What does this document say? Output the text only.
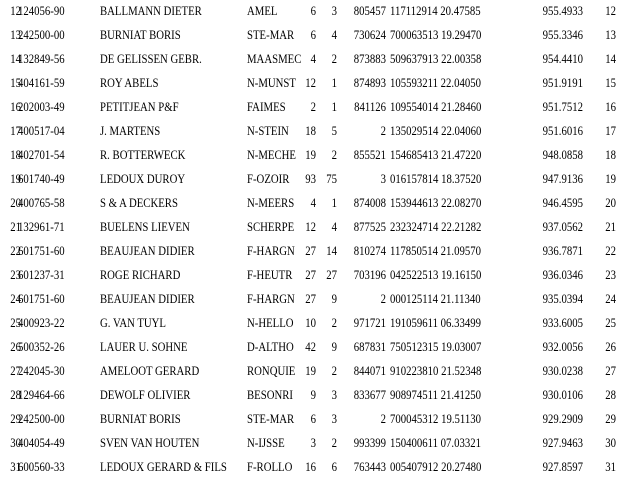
12
124056-90	BALLMANN DIETER	AMEL	6	3	805457 117112914 20.47585	955.4933	12
13
242500-00	BURNIAT BORIS	STE-MAR	6	4	730624 700063513 19.29470	955.3346	13
14
132849-56	DE GELISSEN GEBR.	MAASMEC 4	2	873883 509637913 22.00358	954.4410	14
15
404161-59	ROY ABELS	N-MUNST 12	1	874893 105593211 22.04050	951.9191	15
16
202003-49	PETITJEAN P&F	FAIMES	2	1	841126 109554014 21.28460	951.7512	16
17
400517-04	J. MARTENS	N-STEIN	18	5	2 135029514 22.04060	951.6016	17
18
402701-54	R. BOTTERWECK	N-MECHE 19	2	855521 154685413 21.47220	948.0858	18
19
601740-49	LEDOUX DUROY	F-OZOIR	93 75	3 016157814 18.37520	947.9136	19
20
400765-58	S & A DECKERS	N-MEERS	4	1	874008 153944613 22.08270	946.4595	20
21
132961-71	BUELENS LIEVEN	SCHERPE 12	4	877525 232324714 22.21282	937.0562	21
22
601751-60	BEAUJEAN DIDIER	F-HARGN 27 14	810274 117850514 21.09570	936.7871	22
23
601237-31	ROGE RICHARD	F-HEUTR	27 27	703196 042522513 19.16150	936.0346	23
24
601751-60	BEAUJEAN DIDIER	F-HARGN 27	9	2 000125114 21.11340	935.0394	24
25
400923-22	G. VAN TUYL	N-HELLO 10	2	971721 191059611 06.33499	933.6005	25
26
500352-26	LAUER U. SOHNE	D-ALTHO 42	9	687831 750512315 19.03007	932.0056	26
27
242045-30	AMELOOT GERARD	RONQUIE 19	2	844071 910223810 21.52348	930.0238	27
28
129464-66	DEWOLF OLIVIER	BESONRI	9	3	833677 908974511 21.41250	930.0106	28
29
242500-00	BURNIAT BORIS	STE-MAR	6	3	2 700045312 19.51130	929.2909	29
30
404054-49	SVEN VAN HOUTEN	N-IJSSE	3	2	993399 150400611 07.03321	927.9463	30
31
600560-33	LEDOUX GERARD & FILS F-ROLLO	16	6	763443 005407912 20.27480	927.8597	31
